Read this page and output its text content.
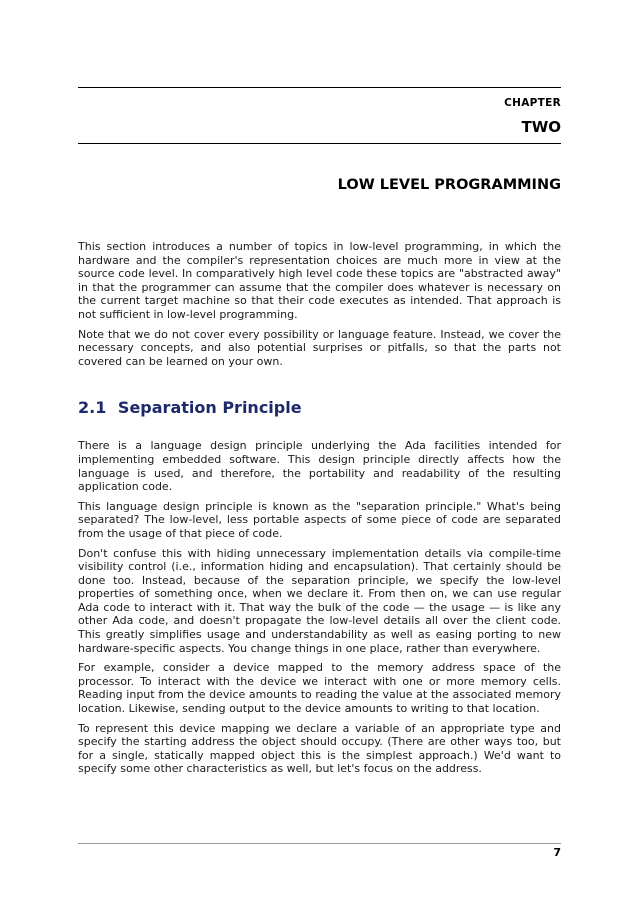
CHAPTER
TWO
LOW LEVEL PROGRAMMING

This section introduces a number of topics in low-level programming, in which the hardware and the compiler's representation choices are much more in view at the source code level. In comparatively high level code these topics are "abstracted away" in that the programmer can assume that the compiler does whatever is necessary on the current target machine so that their code executes as intended. That approach is not sufficient in low-level programming.

Note that we do not cover every possibility or language feature. Instead, we cover the necessary concepts, and also potential surprises or pitfalls, so that the parts not covered can be learned on your own.

2.1 Separation Principle

There is a language design principle underlying the Ada facilities intended for implementing embedded software. This design principle directly affects how the language is used, and therefore, the portability and readability of the resulting application code.

This language design principle is known as the "separation principle." What's being separated? The low-level, less portable aspects of some piece of code are separated from the usage of that piece of code.

Don't confuse this with hiding unnecessary implementation details via compile-time visibility control (i.e., information hiding and encapsulation). That certainly should be done too. Instead, because of the separation principle, we specify the low-level properties of something once, when we declare it. From then on, we can use regular Ada code to interact with it. That way the bulk of the code — the usage — is like any other Ada code, and doesn't propagate the low-level details all over the client code. This greatly simplifies usage and understandability as well as easing porting to new hardware-specific aspects. You change things in one place, rather than everywhere.

For example, consider a device mapped to the memory address space of the processor. To interact with the device we interact with one or more memory cells. Reading input from the device amounts to reading the value at the associated memory location. Likewise, sending output to the device amounts to writing to that location.

To represent this device mapping we declare a variable of an appropriate type and specify the starting address the object should occupy. (There are other ways too, but for a single, statically mapped object this is the simplest approach.) We'd want to specify some other characteristics as well, but let's focus on the address.

7
